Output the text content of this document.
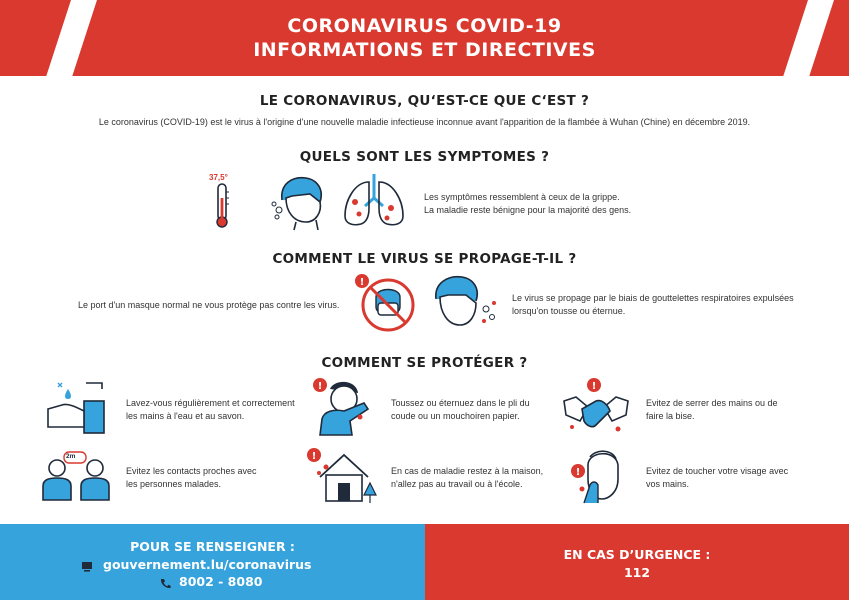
CORONAVIRUS COVID-19
INFORMATIONS ET DIRECTIVES
LE CORONAVIRUS, QU‘EST-CE QUE C‘EST ?
Le coronavirus (COVID-19) est le virus à l'origine d'une nouvelle maladie infectieuse inconnue avant l'apparition de la flambée à Wuhan (Chine) en décembre 2019.
QUELS SONT LES SYMPTOMES ?
37,5°
Les symptômes ressemblent à ceux de la grippe.
La maladie reste bénigne pour la majorité des gens.
COMMENT LE VIRUS SE PROPAGE-T-IL ?
Le port d'un masque normal ne vous protège pas contre les virus.
!
Le virus se propage par le biais de gouttelettes respiratoires expulsées
lorsqu'on tousse ou éternue.
COMMENT SE PROTÉGER ?
Lavez-vous régulièrement et correctement
les mains à l'eau et au savon.
!
Toussez ou éternuez dans le pli du
coude ou un mouchoiren papier.
!
Evitez de serrer des mains ou de
faire la bise.
2m
Evitez les contacts proches avec
les personnes malades.
!
En cas de maladie restez à la maison,
n'allez pas au travail ou à l'école.
!	Evitez de toucher votre visage avec
vos mains.
POUR SE RENSEIGNER :
gouvernement.lu/coronavirus
8002 - 8080
EN CAS D’URGENCE :
112
